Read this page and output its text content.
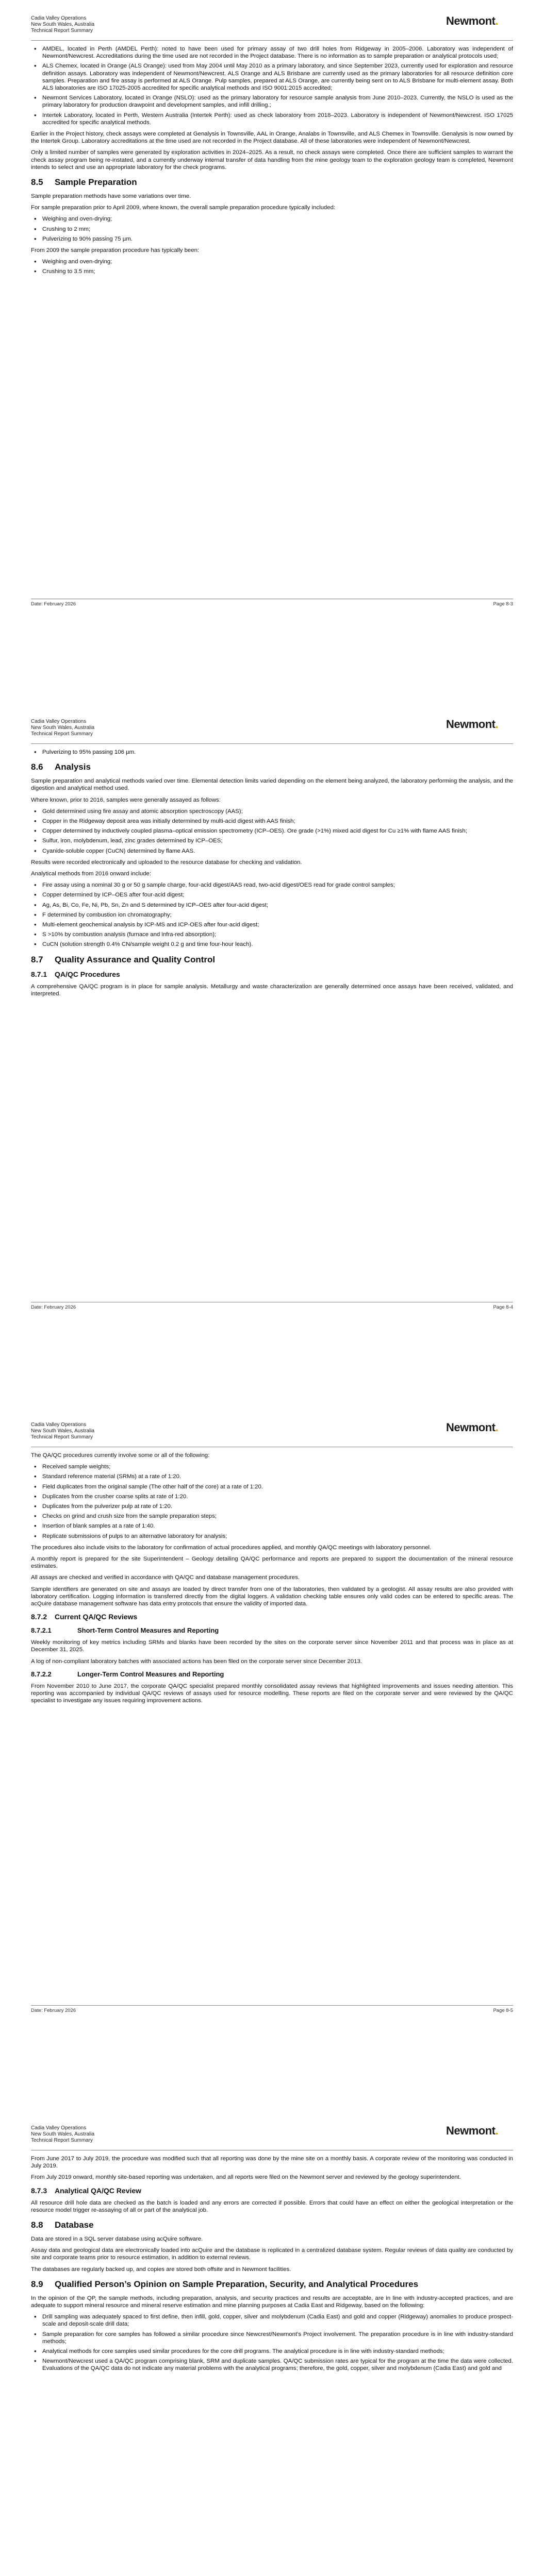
Cadia Valley Operations
New South Wales, Australia
Technical Report Summary
Newmont.
• AMDEL, located in Perth (AMDEL Perth): noted to have been used for primary assay of two drill holes from Ridgeway in 2005–2006. Laboratory was independent of Newmont/Newcrest. Accreditations during the time used are not recorded in the Project database. There is no information as to sample preparation or analytical protocols used;
• ALS Chemex, located in Orange (ALS Orange): used from May 2004 until May 2010 as a primary laboratory, and since September 2023, currently used for exploration and resource definition assays. Laboratory was independent of Newmont/Newcrest. ALS Orange and ALS Brisbane are currently used as the primary laboratories for all resource definition core samples. Preparation and fire assay is performed at ALS Orange. Pulp samples, prepared at ALS Orange, are currently being sent on to ALS Brisbane for multi-element assay. Both ALS laboratories are ISO 17025-2005 accredited for specific analytical methods and ISO 9001:2015 accredited;
• Newmont Services Laboratory, located in Orange (NSLO): used as the primary laboratory for resource sample analysis from June 2010–2023. Currently, the NSLO is used as the primary laboratory for production drawpoint and development samples, and infill drilling.;
• Intertek Laboratory, located in Perth, Western Australia (Intertek Perth): used as check laboratory from 2018–2023. Laboratory is independent of Newmont/Newcrest. ISO 17025 accredited for specific analytical methods.

Earlier in the Project history, check assays were completed at Genalysis in Townsville, AAL in Orange, Analabs in Townsville, and ALS Chemex in Townsville. Genalysis is now owned by the Intertek Group. Laboratory accreditations at the time used are not recorded in the Project database. All of these laboratories were independent of Newmont/Newcrest.

Only a limited number of samples were generated by exploration activities in 2024–2025. As a result, no check assays were completed. Once there are sufficient samples to warrant the check assay program being re-instated, and a currently underway internal transfer of data handling from the mine geology team to the exploration geology team is completed, Newmont intends to select and use an appropriate laboratory for the check programs.

8.5	Sample Preparation

Sample preparation methods have some variations over time.

For sample preparation prior to April 2009, where known, the overall sample preparation procedure typically included:

• Weighing and oven-drying;
• Crushing to 2 mm;
• Pulverizing to 90% passing 75 µm.

From 2009 the sample preparation procedure has typically been:

• Weighing and oven-drying;
• Crushing to 3.5 mm;
Date: February 2026	Page 8-3
Cadia Valley Operations
New South Wales, Australia
Technical Report Summary
Newmont.
• Pulverizing to 95% passing 106 µm.
8.6	Analysis

Sample preparation and analytical methods varied over time. Elemental detection limits varied depending on the element being analyzed, the laboratory performing the analysis, and the digestion and analytical method used.

Where known, prior to 2016, samples were generally assayed as follows:

• Gold determined using fire assay and atomic absorption spectroscopy (AAS);
• Copper in the Ridgeway deposit area was initially determined by multi-acid digest with AAS finish;
• Copper determined by inductively coupled plasma–optical emission spectrometry (ICP–OES). Ore grade (>1%) mixed acid digest for Cu ≥1% with flame AAS finish;
• Sulfur, iron, molybdenum, lead, zinc grades determined by ICP–OES;
• Cyanide-soluble copper (CuCN) determined by flame AAS.

Results were recorded electronically and uploaded to the resource database for checking and validation.

Analytical methods from 2016 onward include:

• Fire assay using a nominal 30 g or 50 g sample charge, four-acid digest/AAS read, two-acid digest/OES read for grade control samples;
• Copper determined by ICP–OES after four-acid digest;
• Ag, As, Bi, Co, Fe, Ni, Pb, Sn, Zn and S determined by ICP–OES after four-acid digest;
• F determined by combustion ion chromatography;
• Multi-element geochemical analysis by ICP-MS and ICP-OES after four-acid digest;
• S >10% by combustion analysis (furnace and infra-red absorption);
• CuCN (solution strength 0.4% CN/sample weight 0.2 g and time four-hour leach).
8.7	Quality Assurance and Quality Control
8.7.1	QA/QC Procedures

A comprehensive QA/QC program is in place for sample analysis. Metallurgy and waste characterization are generally determined once assays have been received, validated, and interpreted.

Date: February 2026	Page 8-4
Cadia Valley Operations
New South Wales, Australia
Technical Report Summary
Newmont.

The QA/QC procedures currently involve some or all of the following:

• Received sample weights;
• Standard reference material (SRMs) at a rate of 1:20.
• Field duplicates from the original sample (The other half of the core) at a rate of 1:20.
• Duplicates from the crusher coarse splits at rate of 1:20.
• Duplicates from the pulverizer pulp at rate of 1:20.
• Checks on grind and crush size from the sample preparation steps;
• Insertion of blank samples at a rate of 1:40.
• Replicate submissions of pulps to an alternative laboratory for analysis;

The procedures also include visits to the laboratory for confirmation of actual procedures applied, and monthly QA/QC meetings with laboratory personnel.

A monthly report is prepared for the site Superintendent – Geology detailing QA/QC performance and reports are prepared to support the documentation of the mineral resource estimates.

All assays are checked and verified in accordance with QA/QC and database management procedures.

Sample identifiers are generated on site and assays are loaded by direct transfer from one of the laboratories, then validated by a geologist. All assay results are also provided with laboratory certification. Logging information is transferred directly from the digital loggers. A validation checking table ensures only valid codes can be entered to specific areas. The acQuire database management software has data entry protocols that ensure the validity of imported data.

8.7.2	Current QA/QC Reviews
8.7.2.1	Short-Term Control Measures and Reporting

Weekly monitoring of key metrics including SRMs and blanks have been recorded by the sites on the corporate server since November 2011 and that process was in place as at December 31, 2025.

A log of non-compliant laboratory batches with associated actions has been filed on the corporate server since December 2013.

8.7.2.2	Longer-Term Control Measures and Reporting

From November 2010 to June 2017, the corporate QA/QC specialist prepared monthly consolidated assay reviews that highlighted improvements and issues needing attention. This reporting was accompanied by individual QA/QC reviews of assays used for resource modelling. These reports are filed on the corporate server and were reviewed by the QA/QC specialist to investigate any issues requiring improvement actions.

Date: February 2026	Page 8-5
Cadia Valley Operations
New South Wales, Australia
Technical Report Summary
Newmont.

From June 2017 to July 2019, the procedure was modified such that all reporting was done by the mine site on a monthly basis. A corporate review of the monitoring was conducted in July 2019.

From July 2019 onward, monthly site-based reporting was undertaken, and all reports were filed on the Newmont server and reviewed by the geology superintendent.

8.7.3	Analytical QA/QC Review

All resource drill hole data are checked as the batch is loaded and any errors are corrected if possible. Errors that could have an effect on either the geological interpretation or the resource model trigger re-assaying of all or part of the analytical job.

8.8	Database

Data are stored in a SQL server database using acQuire software.

Assay data and geological data are electronically loaded into acQuire and the database is replicated in a centralized database system. Regular reviews of data quality are conducted by site and corporate teams prior to resource estimation, in addition to external reviews.

The databases are regularly backed up, and copies are stored both offsite and in Newmont facilities.

8.9	Qualified Person’s Opinion on Sample Preparation, Security, and Analytical Procedures

In the opinion of the QP, the sample methods, including preparation, analysis, and security practices and results are acceptable, are in line with industry-accepted practices, and are adequate to support mineral resource and mineral reserve estimation and mine planning purposes at Cadia East and Ridgeway, based on the following:

• Drill sampling was adequately spaced to first define, then infill, gold, copper, silver and molybdenum (Cadia East) and gold and copper (Ridgeway) anomalies to produce prospect-scale and deposit-scale drill data;
• Sample preparation for core samples has followed a similar procedure since Newcrest/Newmont’s Project involvement. The preparation procedure is in line with industry-standard methods;
• Analytical methods for core samples used similar procedures for the core drill programs. The analytical procedure is in line with industry-standard methods;
• Newmont/Newcrest used a QA/QC program comprising blank, SRM and duplicate samples. QA/QC submission rates are typical for the program at the time the data were collected. Evaluations of the QA/QC data do not indicate any material problems with the analytical programs; therefore, the gold, copper, silver and molybdenum (Cadia East) and gold and
